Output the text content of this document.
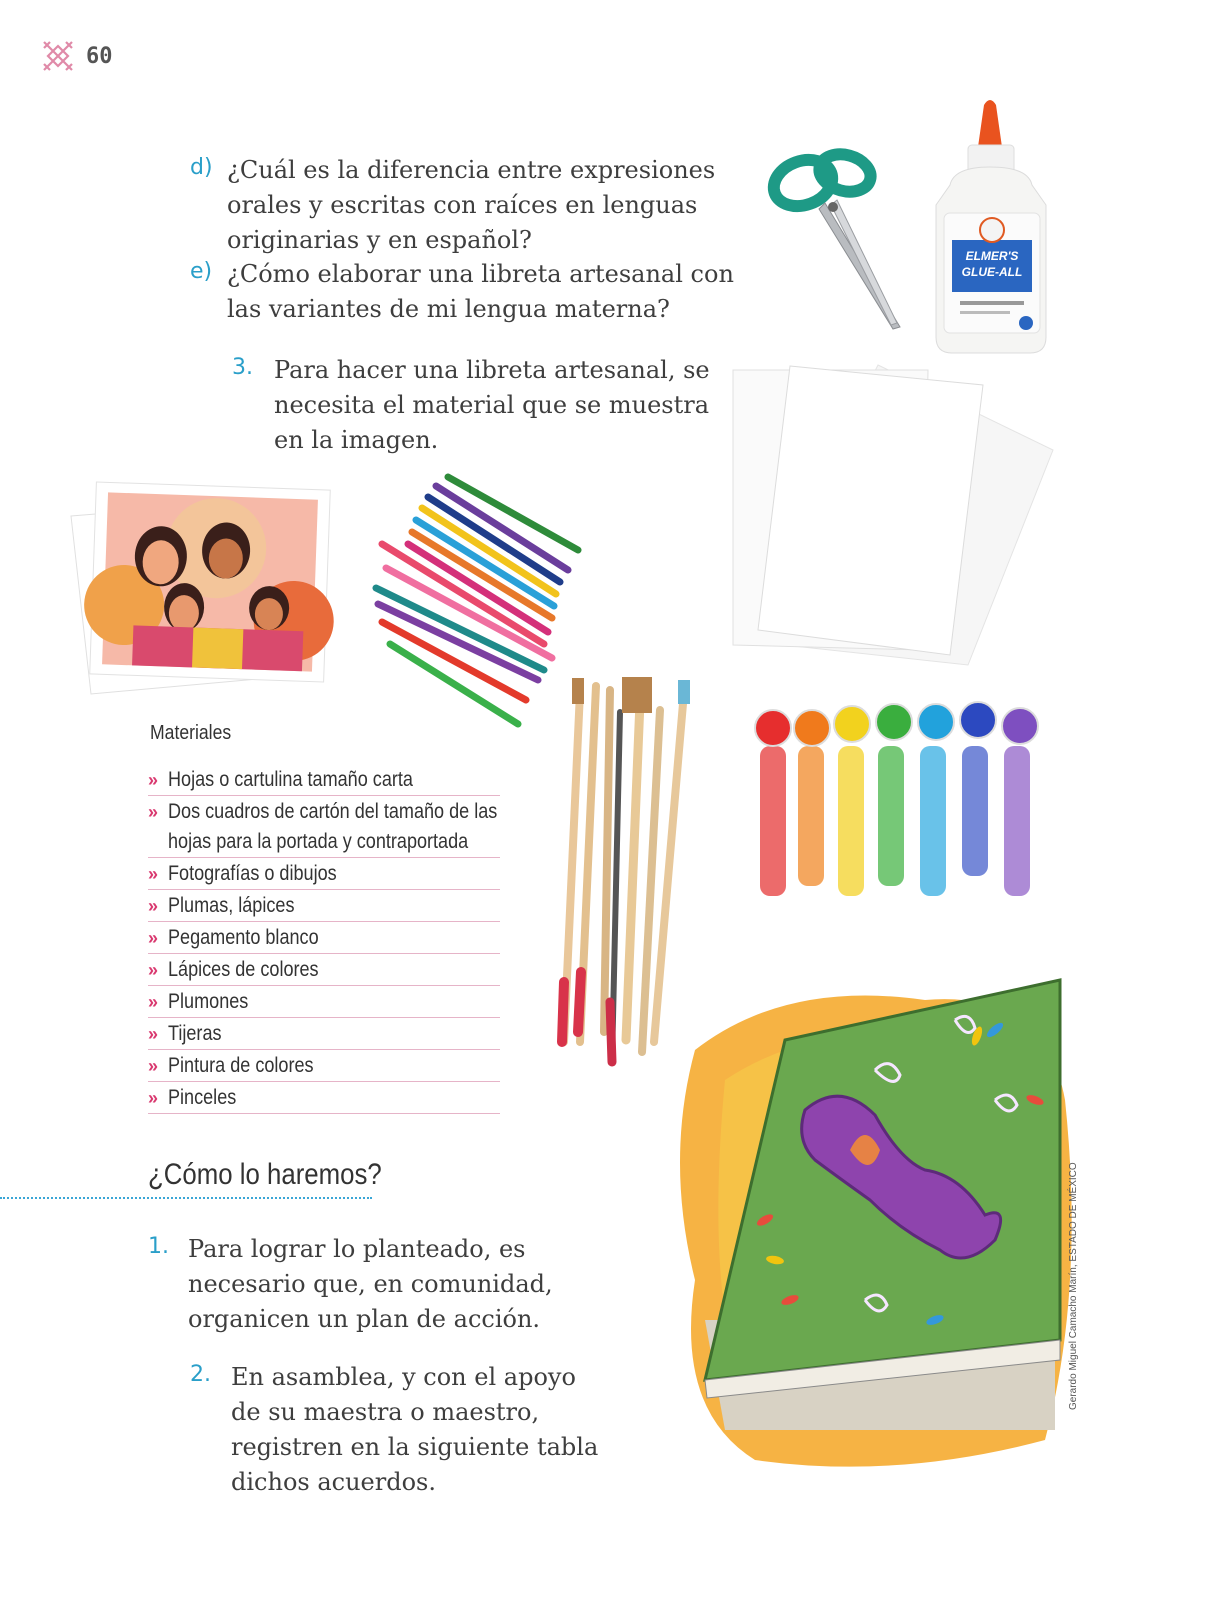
60
d) ¿Cuál es la diferencia entre expresiones
orales y escritas con raíces en lenguas
originarias y en español?
e) ¿Cómo elaborar una libreta artesanal con
las variantes de mi lengua materna?
3. Para hacer una libreta artesanal, se
necesita el material que se muestra
en la imagen.
ELMER'S
GLUE-ALL
Gerardo Miguel Camacho Marín, ESTADO DE MÉXICO
Materiales
» Hojas o cartulina tamaño carta
» Dos cuadros de cartón del tamaño de las
hojas para la portada y contraportada
» Fotografías o dibujos
» Plumas, lápices
» Pegamento blanco
» Lápices de colores
» Plumones
» Tijeras
» Pintura de colores
» Pinceles
¿Cómo lo haremos?
1. Para lograr lo planteado, es
necesario que, en comunidad,
organicen un plan de acción.
2. En asamblea, y con el apoyo
de su maestra o maestro,
registren en la siguiente tabla
dichos acuerdos.
